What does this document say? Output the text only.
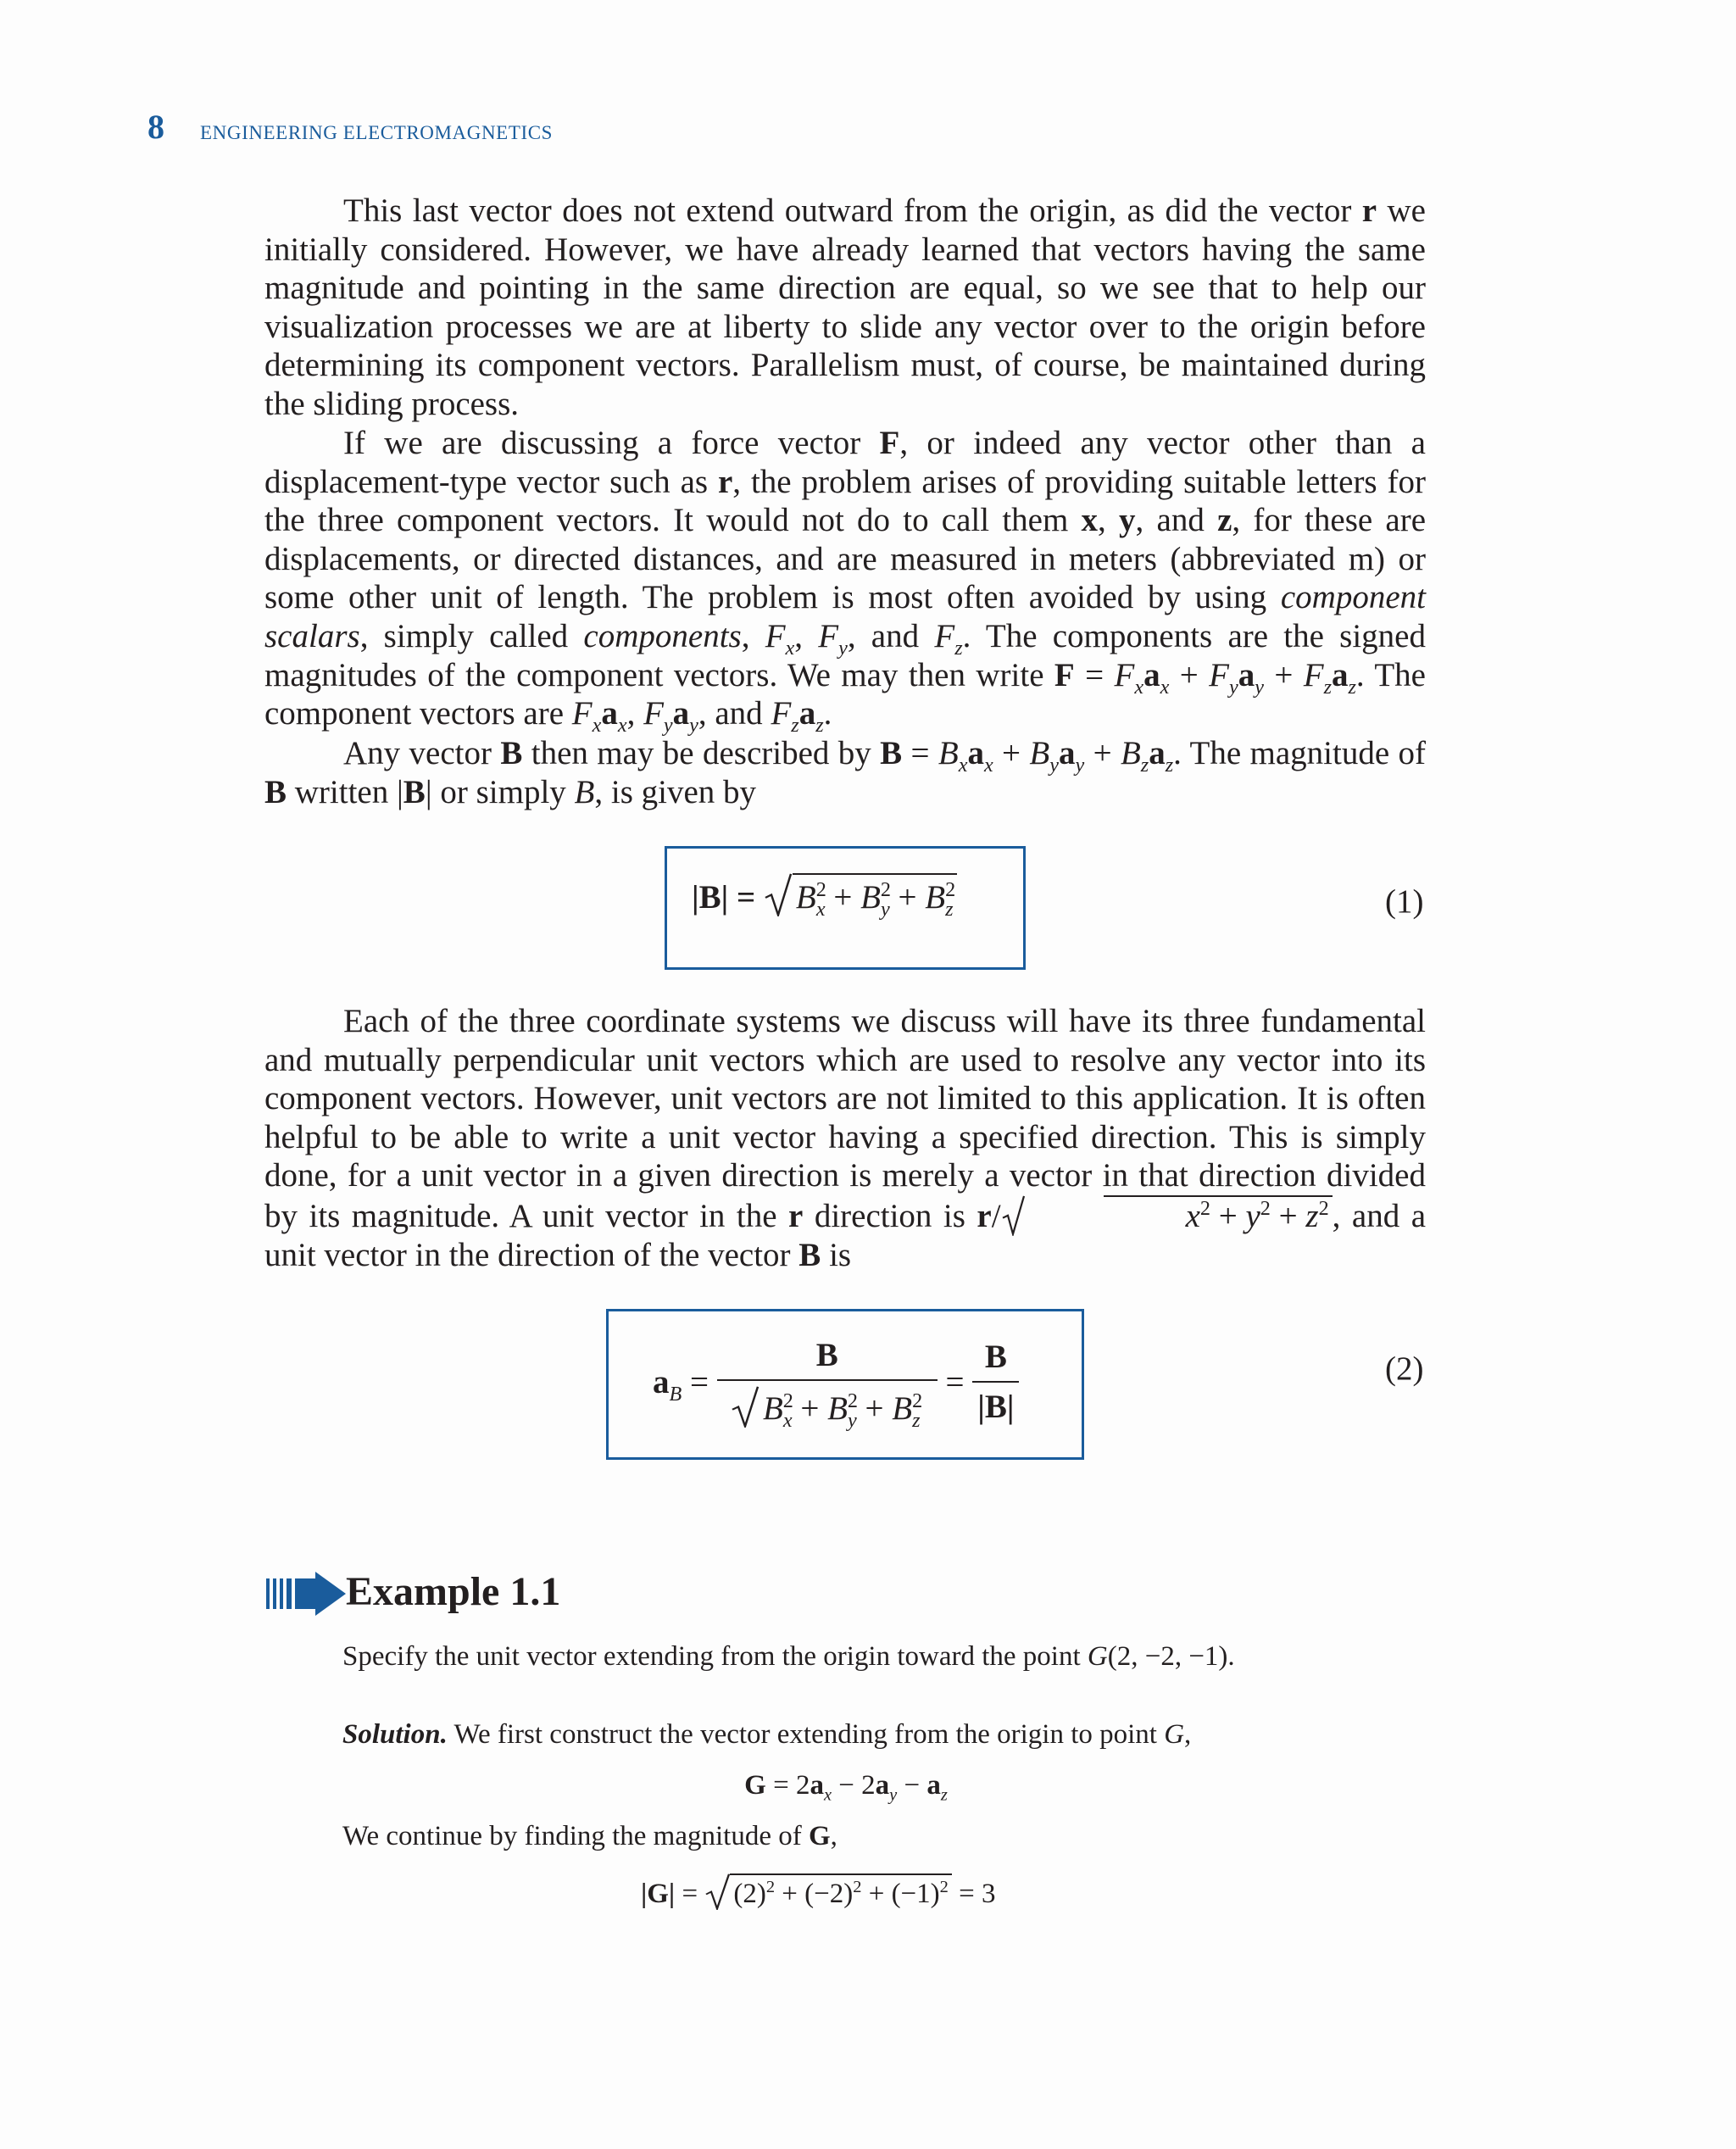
8 ENGINEERING ELECTROMAGNETICS
This last vector does not extend outward from the origin, as did the vector r we initially considered. However, we have already learned that vectors having the same magnitude and pointing in the same direction are equal, so we see that to help our visualization processes we are at liberty to slide any vector over to the origin before determining its component vectors. Parallelism must, of course, be maintained during the sliding process.
If we are discussing a force vector F, or indeed any vector other than a displacement-type vector such as r, the problem arises of providing suitable letters for the three component vectors. It would not do to call them x, y, and z, for these are displacements, or directed distances, and are measured in meters (abbreviated m) or some other unit of length. The problem is most often avoided by using component scalars, simply called components, $F_x$, $F_y$, and $F_z$. The components are the signed magnitudes of the component vectors. We may then write $F = F_xa_x + F_ya_y + F_za_z$. The component vectors are $F_xa_x$, $F_ya_y$, and $F_za_z$.
Any vector B then may be described by $B = B_xa_x + B_ya_y + B_za_z$. The magnitude of B written |B| or simply B, is given by
$|B| = B^2_x + B^2_y + B^2_z$	(1)
Each of the three coordinate systems we discuss will have its three fundamental and mutually perpendicular unit vectors which are used to resolve any vector into its component vectors. However, unit vectors are not limited to this application. It is often helpful to be able to write a unit vector having a specified direction. This is simply done, for a unit vector in a given direction is merely a vector in that direction divided by its magnitude. A unit vector in the r direction is r/	$x^2 + y^2 + z^2$ , and a unit vector in the direction of the vector B is
$a_B = \frac{B}{B^2_x + B^2_y + B^2_z} = \frac{B}{|B|}$	(2)
Example 1.1
Specify the unit vector extending from the origin toward the point G(2, −2, −1).
Solution. We first construct the vector extending from the origin to point G,
$G = 2a_x - 2a_y - a_z$
We continue by finding the magnitude of G,
|G| =
$(2)^2 + (-2)^2 + (-1)^2 = 3$
